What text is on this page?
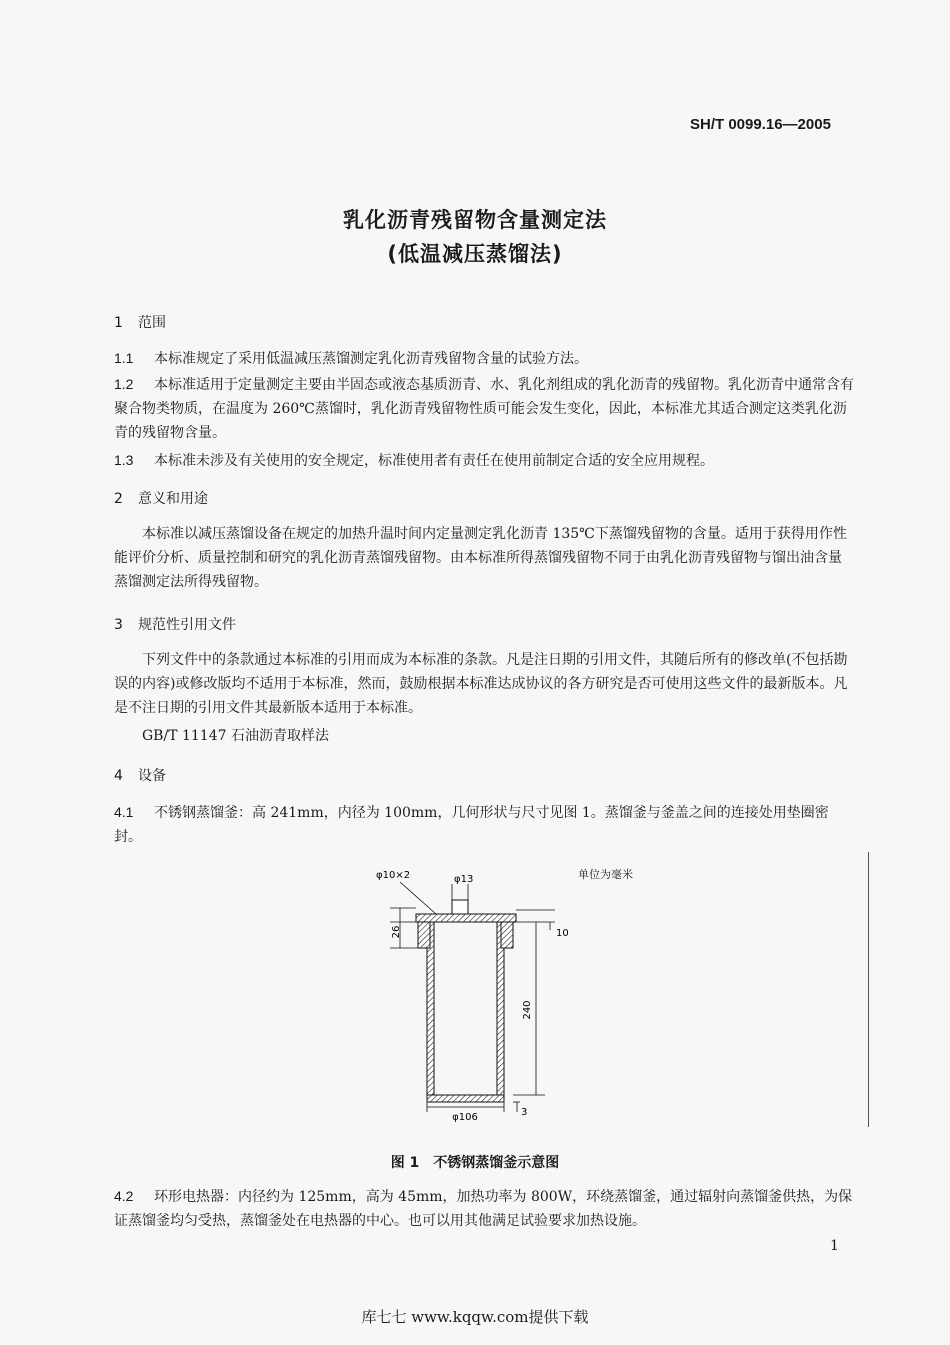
SH/T 0099.16—2005
乳化沥青残留物含量测定法
(低温减压蒸馏法)
1 范围
1.1 本标准规定了采用低温减压蒸馏测定乳化沥青残留物含量的试验方法。
1.2 本标准适用于定量测定主要由半固态或液态基质沥青、水、乳化剂组成的乳化沥青的残留物。乳化沥青中通常含有聚合物类物质，在温度为 260℃蒸馏时，乳化沥青残留物性质可能会发生变化，因此，本标准尤其适合测定这类乳化沥青的残留物含量。
1.3 本标准未涉及有关使用的安全规定，标准使用者有责任在使用前制定合适的安全应用规程。
2 意义和用途
本标准以减压蒸馏设备在规定的加热升温时间内定量测定乳化沥青 135℃下蒸馏残留物的含量。适用于获得用作性能评价分析、质量控制和研究的乳化沥青蒸馏残留物。由本标准所得蒸馏残留物不同于由乳化沥青残留物与馏出油含量蒸馏测定法所得残留物。
3 规范性引用文件
下列文件中的条款通过本标准的引用而成为本标准的条款。凡是注日期的引用文件，其随后所有的修改单(不包括勘误的内容)或修改版均不适用于本标准，然而，鼓励根据本标准达成协议的各方研究是否可使用这些文件的最新版本。凡是不注日期的引用文件其最新版本适用于本标准。
GB/T 11147 石油沥青取样法
4 设备
4.1 不锈钢蒸馏釜：高 241mm，内径为 100mm，几何形状与尺寸见图 1。蒸馏釜与釜盖之间的连接处用垫圈密封。
单位为毫米
φ10×2	φ13
26	10
240
φ106	3
图 1　不锈钢蒸馏釜示意图
4.2 环形电热器：内径约为 125mm，高为 45mm，加热功率为 800W，环绕蒸馏釜，通过辐射向蒸馏釜供热，为保证蒸馏釜均匀受热，蒸馏釜处在电热器的中心。也可以用其他满足试验要求加热设施。
1
库七七 www.kqqw.com提供下载
